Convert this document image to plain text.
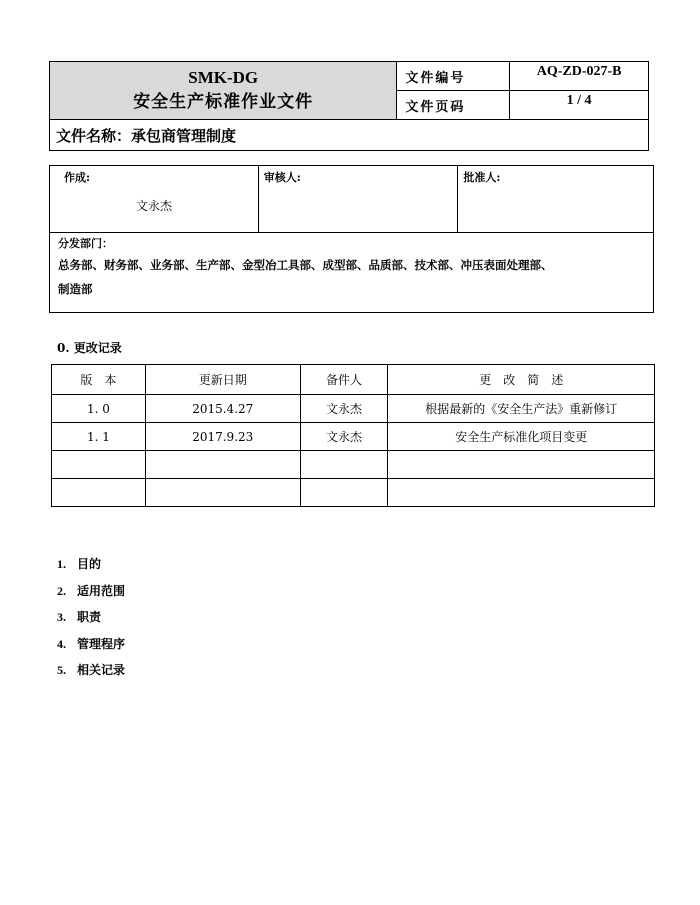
SMK-DG
安全生产标准作业文件	文件编号	AQ-ZD-027-B
	文件页码	1 / 4
文件名称：承包商管理制度		
作成:
文永杰

审核人:	批准人:

分发部门：
总务部、财务部、业务部、生产部、金型冶工具部、成型部、品质部、技术部、冲压表面处理部、
制造部
0. 更改记录
版　本	更新日期	备件人	更　改　简　述
1. 0	2015.4.27	文永杰	根据最新的《安全生产法》重新修订
1. 1	2017.9.23	文永杰	安全生产标准化项目变更

1. 目的
2. 适用范围
3. 职责
4. 管理程序
5. 相关记录
